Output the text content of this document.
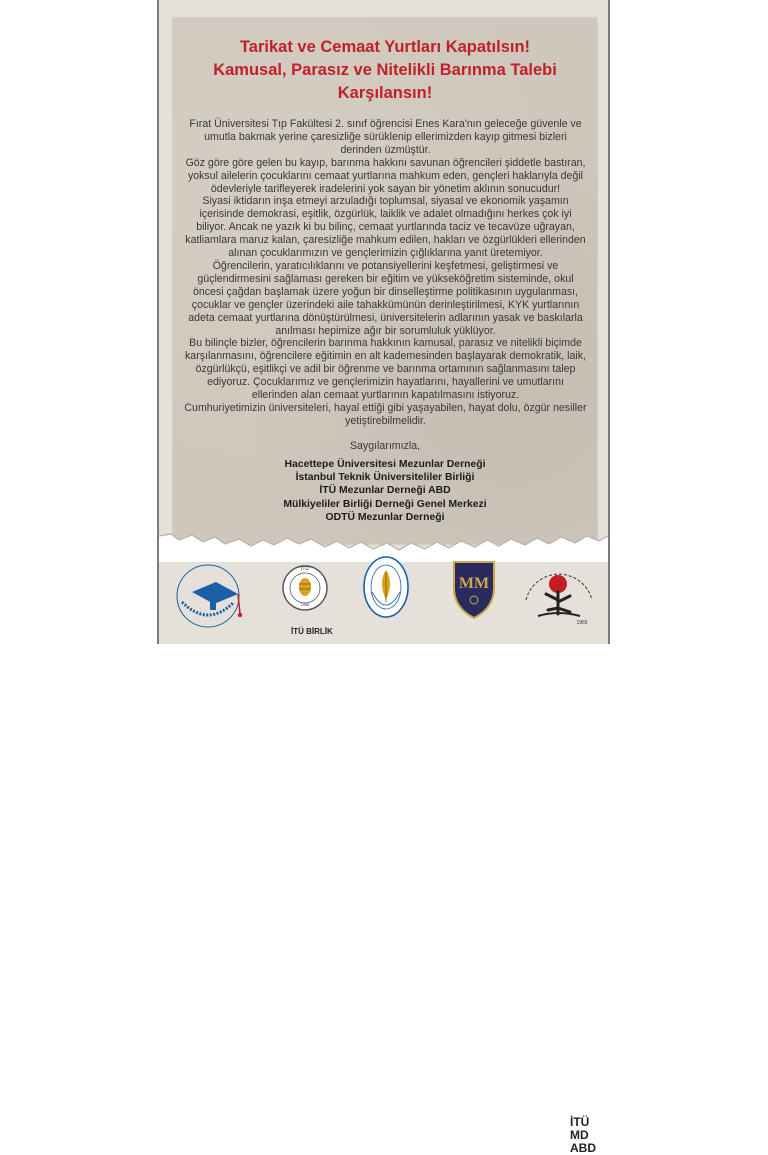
Tarikat ve Cemaat Yurtları Kapatılsın!
Kamusal, Parasız ve Nitelikli Barınma Talebi
Karşılansın!

Fırat Üniversitesi Tıp Fakültesi 2. sınıf öğrencisi Enes Kara'nın geleceğe güvenle ve umutla bakmak yerine çaresizliğe sürüklenip ellerimizden kayıp gitmesi bizleri derinden üzmüştür.

Göz göre göre gelen bu kayıp, barınma hakkını savunan öğrencileri şiddetle bastıran, yoksul ailelerin çocuklarını cemaat yurtlarına mahkum eden, gençleri haklarıyla değil ödevleriyle tarifleyerek iradelerini yok sayan bir yönetim aklının sonucudur!

Siyasi iktidarın inşa etmeyi arzuladığı toplumsal, siyasal ve ekonomik yaşamın içerisinde demokrasi, eşitlik, özgürlük, laiklik ve adalet olmadığını herkes çok iyi biliyor. Ancak ne yazık ki bu bilinç, cemaat yurtlarında taciz ve tecavüze uğrayan, katliamlara maruz kalan, çaresizliğe mahkum edilen, hakları ve özgürlükleri ellerinden alınan çocuklarımızın ve gençlerimizin çığlıklarına yanıt üretemiyor.

Öğrencilerin, yaratıcılıklarını ve potansiyellerini keşfetmesi, geliştirmesi ve güçlendirmesini sağlaması gereken bir eğitim ve yükseköğretim sisteminde, okul öncesi çağdan başlamak üzere yoğun bir dinselleştirme politikasının uygulanması, çocuklar ve gençler üzerindeki aile tahakkümünün derinleştirilmesi, KYK yurtlarının adeta cemaat yurtlarına dönüştürülmesi, üniversitelerin adlarının yasak ve baskılarla anılması hepimize ağır bir sorumluluk yüklüyor.

Bu bilinçle bizler, öğrencilerin barınma hakkının kamusal, parasız ve nitelikli biçimde karşılanmasını, öğrencilere eğitimin en alt kademesinden başlayarak demokratik, laik, özgürlükçü, eşitlikçi ve adil bir öğrenme ve barınma ortamının sağlanmasını talep ediyoruz. Çocuklarımız ve gençlerimizin hayatlarını, hayallerini ve umutlarını ellerinden alan cemaat yurtlarının kapatılmasını istiyoruz.

Cumhuriyetimizin üniversiteleri, hayal ettiği gibi yaşayabilen, hayat dolu, özgür nesiller yetiştirebilmelidir.

Saygılarımızla,
Hacettepe Üniversitesi Mezunlar Derneği
İstanbul Teknik Üniversiteliler Birliği
İTÜ Mezunlar Derneği ABD
Mülkiyeliler Birliği Derneği Genel Merkezi
ODTÜ Mezunlar Derneği
İTÜ
1956
İTÜ
MD
ABD
MM
1965
İTÜ BİRLİK
